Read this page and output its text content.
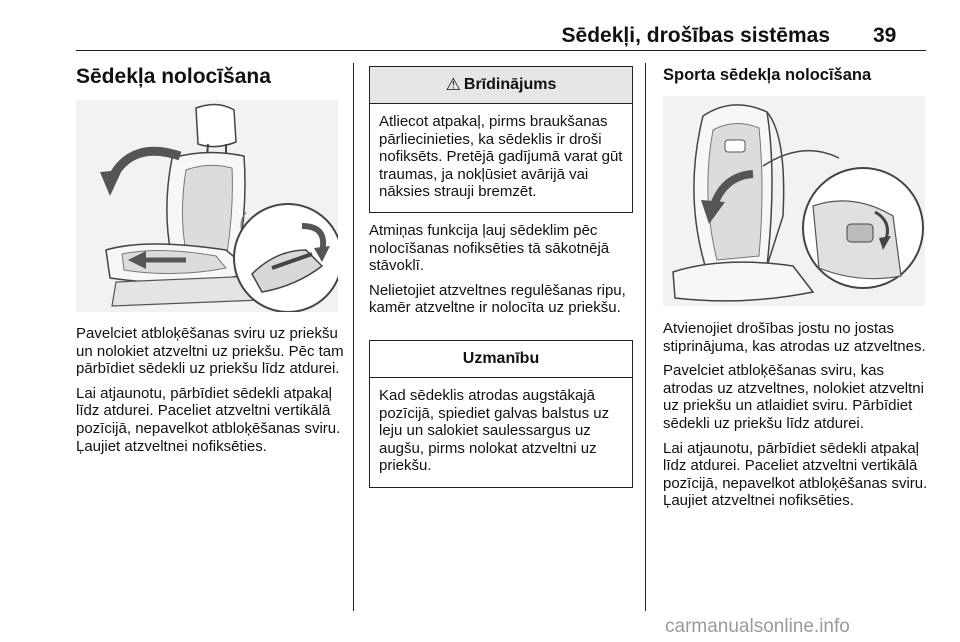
Sēdekļi, drošības sistēmas 39
Sēdekļa nolocīšana

Pavelciet atbloķēšanas sviru uz priekšu un nolokiet atzveltni uz priekšu. Pēc tam pārbīdiet sēdekli uz priekšu līdz atdurei.

Lai atjaunotu, pārbīdiet sēdekli atpakaļ līdz atdurei. Paceliet atzveltni vertikālā pozīcijā, nepavelkot atbloķēšanas sviru. Ļaujiet atzveltnei nofiksēties.

⚠ Brīdinājums
Atliecot atpakaļ, pirms braukšanas pārliecinieties, ka sēdeklis ir droši nofiksēts. Pretējā gadījumā varat gūt traumas, ja nokļūsiet avārijā vai nāksies strauji bremzēt.

Atmiņas funkcija ļauj sēdeklim pēc nolocīšanas nofiksēties tā sākotnējā stāvoklī.

Nelietojiet atzveltnes regulēšanas ripu, kamēr atzveltne ir nolocīta uz priekšu.

Uzmanību
Kad sēdeklis atrodas augstākajā pozīcijā, spiediet galvas balstus uz leju un salokiet saulessargus uz augšu, pirms nolokat atzveltni uz priekšu.
Sporta sēdekļa nolocīšana

Atvienojiet drošības jostu no jostas stiprinājuma, kas atrodas uz atzveltnes.

Pavelciet atbloķēšanas sviru, kas atrodas uz atzveltnes, nolokiet atzveltni uz priekšu un atlaidiet sviru. Pārbīdiet sēdekli uz priekšu līdz atdurei.

Lai atjaunotu, pārbīdiet sēdekli atpakaļ līdz atdurei. Paceliet atzveltni vertikālā pozīcijā, nepavelkot atbloķēšanas sviru. Ļaujiet atzveltnei nofiksēties.

carmanualsonline.info
